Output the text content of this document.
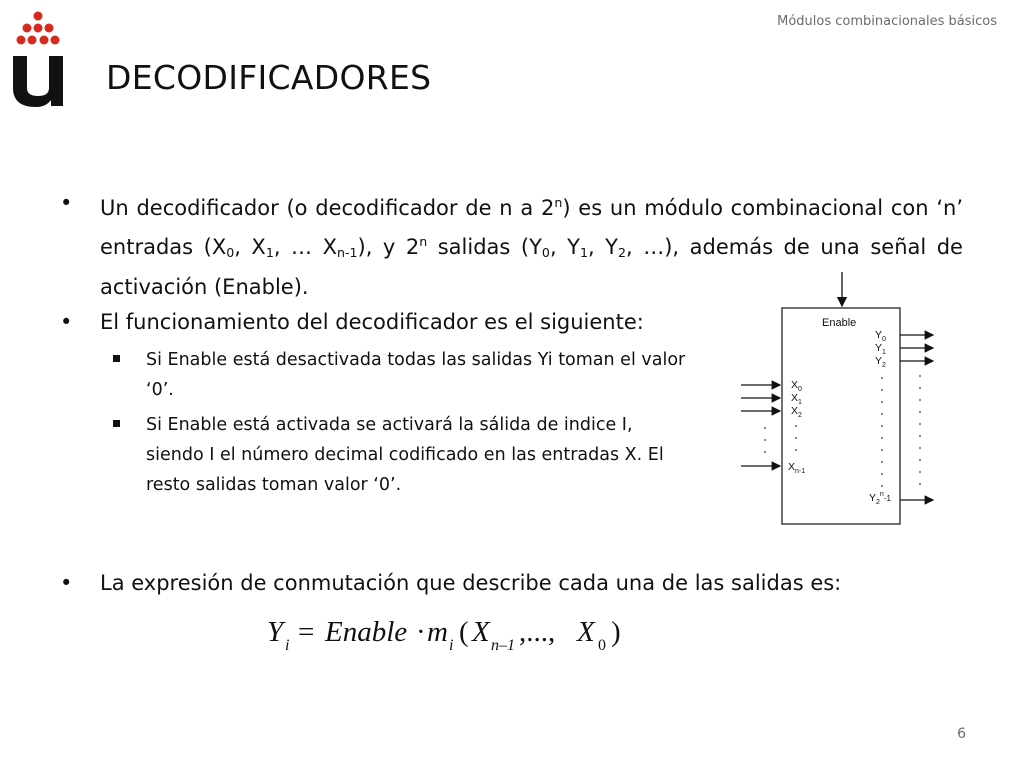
Módulos combinacionales básicos
DECODIFICADORES
•	Un decodificador (o decodificador de n a 2$^n$) es un módulo combinacional con ‘n’ entradas ($X_0$, $X_1$, … $X_{n-1}$), y 2$^n$ salidas ($Y_0$, $Y_1$, $Y_2$, …), además de una señal de activación (Enable).
•	El funcionamiento del decodificador es el siguiente:
Si Enable está desactivada todas las salidas Yi toman el valor ‘0’.
Si Enable está activada se activará la sálida de indice I, siendo I el número decimal codificado en las entradas X. El resto salidas toman valor ‘0’.
Enable
$Y_0$
$Y_1$
$Y_2$
$Y_2^n_{-1}$
$X_0$
$X_1$
$X_2$
$X_{n-1}$
•	La expresión de conmutación que describe cada una de las salidas es:
Y i = Enable · m i ( X n–1 ,..., X 0 )
6
